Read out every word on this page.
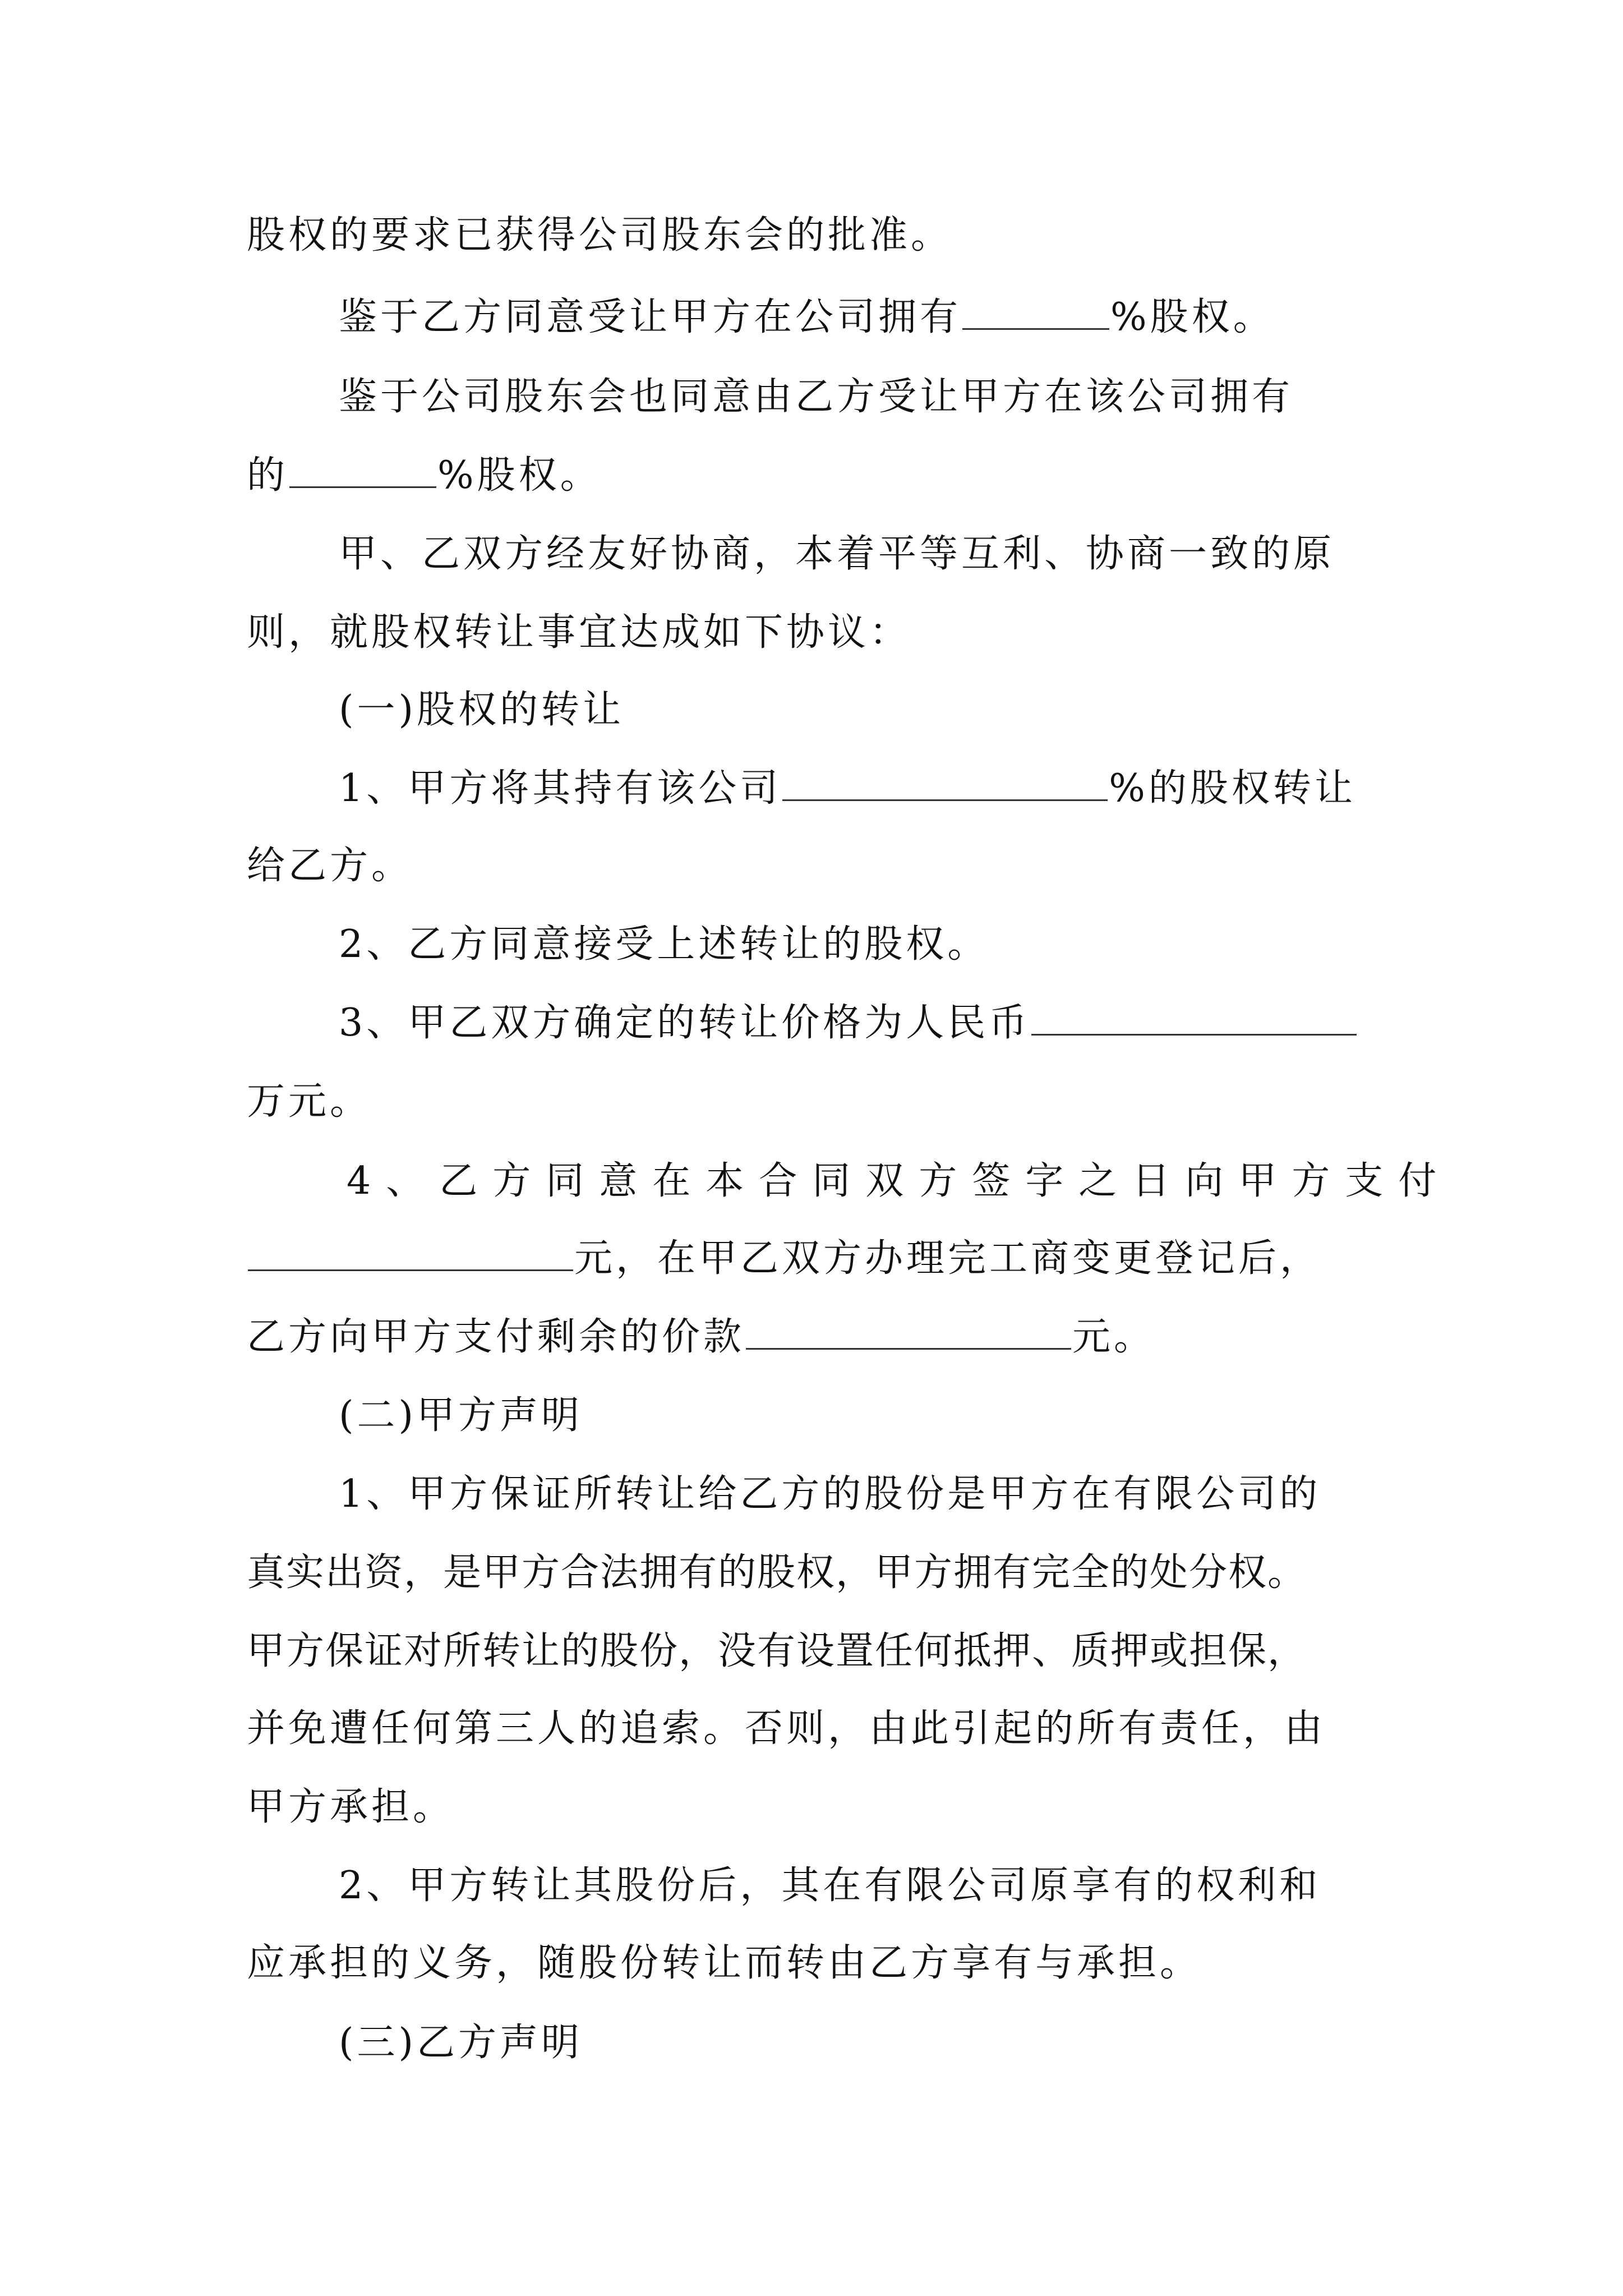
股权的要求已获得公司股东会的批准。
鉴于乙方同意受让甲方在公司拥有	%股权。
鉴于公司股东会也同意由乙方受让甲方在该公司拥有
的	%股权。
甲、乙双方经友好协商，本着平等互利、协商一致的原
则，就股权转让事宜达成如下协议：
(一)股权的转让
1、甲方将其持有该公司	%的股权转让
给乙方。
2、乙方同意接受上述转让的股权。
3、甲乙双方确定的转让价格为人民币
万元。
4、乙方同意在本合同双方签字之日向甲方支付
元，在甲乙双方办理完工商变更登记后，
乙方向甲方支付剩余的价款	元。
(二)甲方声明
1、甲方保证所转让给乙方的股份是甲方在有限公司的
真实出资，是甲方合法拥有的股权，甲方拥有完全的处分权。
甲方保证对所转让的股份，没有设置任何抵押、质押或担保，
并免遭任何第三人的追索。否则，由此引起的所有责任，由
甲方承担。
2、甲方转让其股份后，其在有限公司原享有的权利和
应承担的义务，随股份转让而转由乙方享有与承担。
(三)乙方声明
